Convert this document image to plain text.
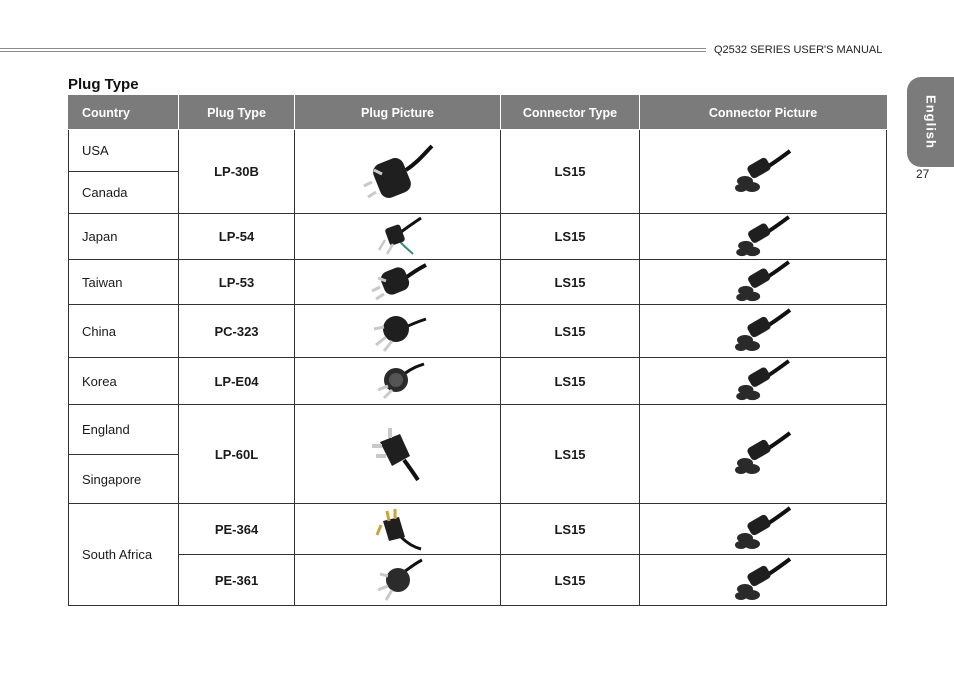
Q2532 SERIES USER'S MANUAL
English
27
Plug Type
Country	Plug Type	Plug Picture	Connector Type	Connector Picture
USA	LP-30B		LS15	

Canada				
Japan	LP-54		LS15	

Taiwan	LP-53		LS15	

China	PC-323		LS15	

Korea	LP-E04		LS15	

England	LP-60L		LS15	

Singapore				
South Africa	PE-364		LS15	

	PE-361		LS15	
